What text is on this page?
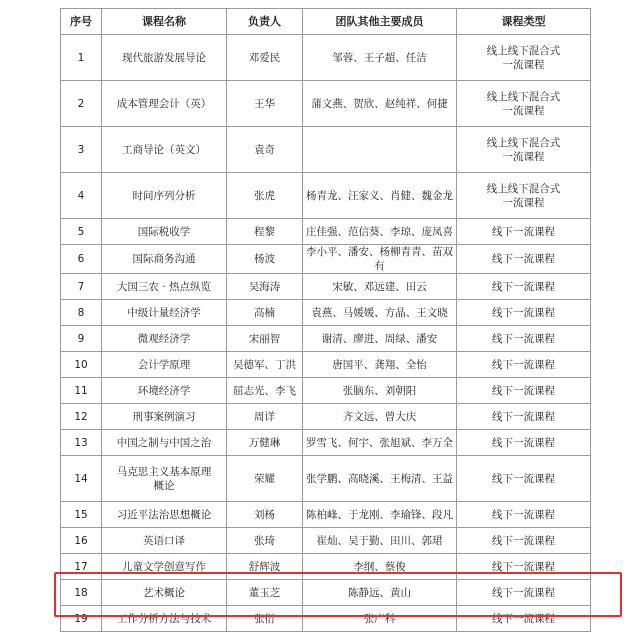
序号	课程名称	负责人	团队其他主要成员	课程类型
1	现代旅游发展导论	邓爱民	邹蓉、王子超、任洁	线上线下混合式
一流课程

2	成本管理会计（英）	王华	蒲文燕、贺欣、赵纯祥、何捷	线上线下混合式
一流课程

3	工商导论（英文）	袁奇		线上线下混合式
一流课程

4	时间序列分析	张虎	杨青龙、汪家义、肖健、魏金龙	线上线下混合式
一流课程

5	国际税收学	程黎	庄佳强、范信葵、李琼、庞凤喜	线下一流课程

6	国际商务沟通	杨波	李小平、潘安、杨柳青青、苗双有	线下一流课程

7	大国三农 · 热点纵览	吴海涛	宋敏、邓远建、田云	线下一流课程

8	中级计量经济学	高楠	袁燕、马媛媛、方晶、王文晓	线下一流课程

9	微观经济学	宋丽智	谢清、廖进、周绿、潘安	线下一流课程

10	会计学原理	吴德军、丁洪	唐国平、龚翔、全怡	线下一流课程

11	环境经济学	屈志光、李飞	张脑东、刘朝阳	线下一流课程

12	刑事案例演习	周详	齐文远、曾大庆	线下一流课程

13	中国之制与中国之治	万健琳	罗雪飞、何宇、张旭斌、李万全	线下一流课程

14	马克思主义基本原理
概论	荣耀	张学鹏、高晓溪、王梅清、王益	线下一流课程

15	习近平法治思想概论	刘杨	陈柏峰、于龙刚、李瑜锋、段凡	线下一流课程

16	英语口译	张琦	崔灿、吴于勤、田川、郭珺	线下一流课程

17	儿童文学创意写作	舒辉波	李纲、蔡俊	线下一流课程

18	艺术概论	董玉芝	陈静远、黄山	线下一流课程

19	工作分析方法与技术	张衍	张广科	线下一流课程
